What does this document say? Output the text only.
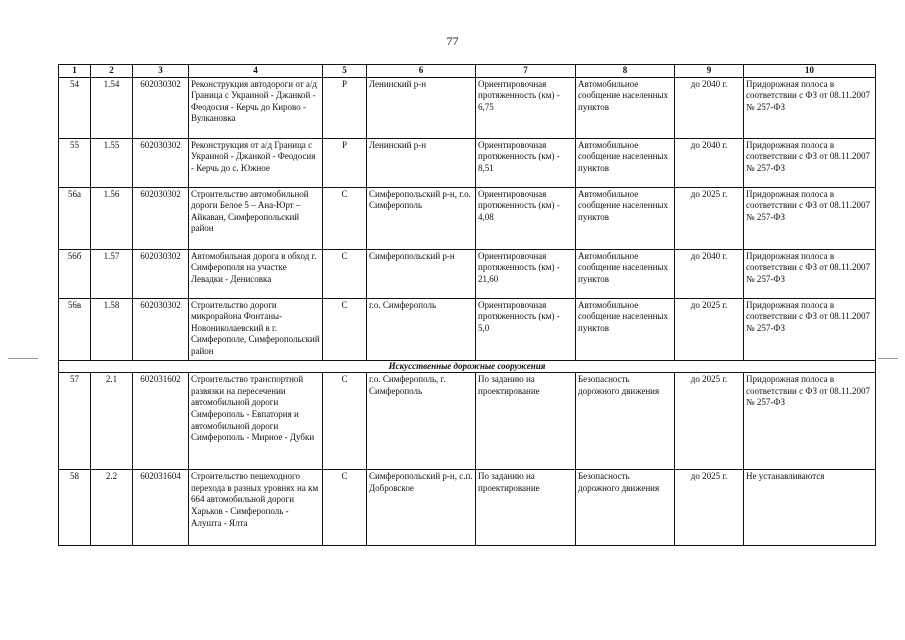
77
1	2	3	4	5	6	7	8	9	10
54	1.54	602030302	Реконструкция автодороги от а/д Граница с Украиной - Джанкой - Феодосия - Керчь до Кирово - Вулкановка	Р	Ленинский р-н	Ориентировочная протяженность (км) - 6,75	Автомобильное сообщение населенных пунктов	до 2040 г.	Придорожная полоса в соответствии с ФЗ от 08.11.2007 № 257-ФЗ
55	1.55	602030302	Реконструкция от а/д Граница с Украиной - Джанкой - Феодосия - Керчь до с. Южное	Р	Ленинский р-н	Ориентировочная протяженность (км) - 8,51	Автомобильное сообщение населенных пунктов	до 2040 г.	Придорожная полоса в соответствии с ФЗ от 08.11.2007 № 257-ФЗ
56а	1.56	602030302	Строительство автомобильной дороги Белое 5 – Ана-Юрт – Айкаван, Симферопольский район	С	Симферопольский р-н, г.о. Симферополь	Ориентировочная протяженность (км) - 4,08	Автомобильное сообщение населенных пунктов	до 2025 г.	Придорожная полоса в соответствии с ФЗ от 08.11.2007 № 257-ФЗ
56б	1.57	602030302	Автомобильная дорога в обход г. Симферополя на участке Левадки - Денисовка	С	Симферопольский р-н	Ориентировочная протяженность (км) - 21,60	Автомобильное сообщение населенных пунктов	до 2040 г.	Придорожная полоса в соответствии с ФЗ от 08.11.2007 № 257-ФЗ
56в	1.58	602030302	Строительство дороги микрорайона Фонтаны-Новониколаевский в г. Симферополе, Симферопольский район	С	г.о. Симферополь	Ориентировочная протяженность (км) - 5,0	Автомобильное сообщение населенных пунктов	до 2025 г.	Придорожная полоса в соответствии с ФЗ от 08.11.2007 № 257-ФЗ
Искусственные дорожные сооружения									
57	2.1	602031602	Строительство транспортной развязки на пересечении автомобильной дороги Симферополь - Евпатория и автомобильной дороги Симферополь - Мирное - Дубки	С	г.о. Симферополь, г. Симферополь	По заданию на проектирование	Безопасность дорожного движения	до 2025 г.	Придорожная полоса в соответствии с ФЗ от 08.11.2007 № 257-ФЗ
58	2.2	602031604	Строительство пешеходного перехода в разных уровнях на км 664 автомобильной дороги Харьков - Симферополь - Алушта - Ялта	С	Симферопольский р-н, с.п. Добровское	По заданию на проектирование	Безопасность дорожного движения	до 2025 г.	Не устанавливаются
